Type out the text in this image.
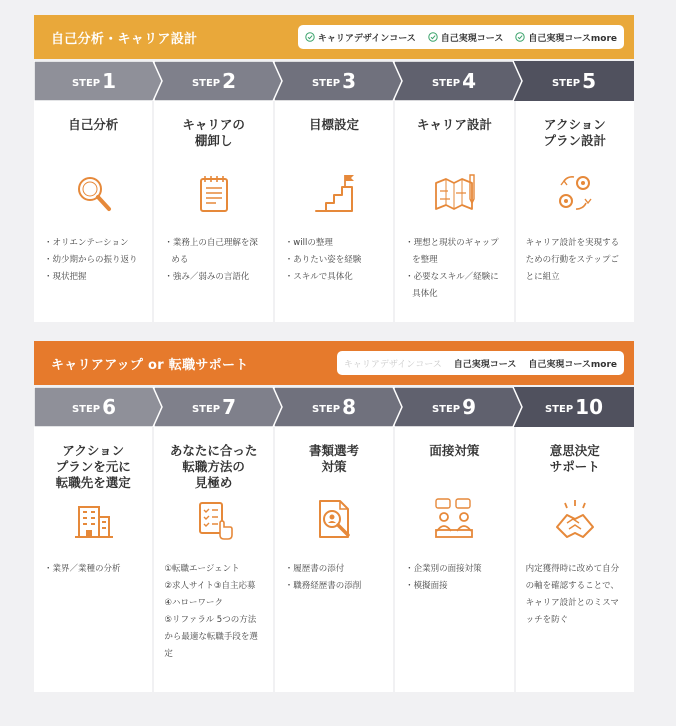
自己分析・キャリア設計	キャリアデザインコース	自己実現コース	自己実現コースmore
STEP 1	STEP 2	STEP 3	STEP 4	STEP 5
自己分析
・オリエンテーション
・幼少期からの振り返り
・現状把握
キャリアの
棚卸し
・業務上の自己理解を深める
・強み／弱みの言語化
目標設定
・willの整理
・ありたい姿を経験
・スキルで具体化
キャリア設計
・理想と現状のギャップを整理
・必要なスキル／経験に具体化
アクション
プラン設計
キャリア設計を実現するための行動をステップごとに組立
キャリアアップ or 転職サポート	キャリアデザインコース 自己実現コース 自己実現コースmore
STEP 6	STEP 7	STEP 8	STEP 9	STEP 10
アクション
プランを元に
転職先を選定
・業界／業種の分析
あなたに合った
転職方法の
見極め
①転職エージェント
②求人サイト③自主応募④ハローワーク
⑤リファラル 5つの方法から最適な転職手段を選定
書類選考
対策
・履歴書の添付
・職務経歴書の添削
面接対策
・企業別の面接対策
・模擬面接
意思決定
サポート
内定獲得時に改めて自分の軸を確認することで、キャリア設計とのミスマッチを防ぐ
